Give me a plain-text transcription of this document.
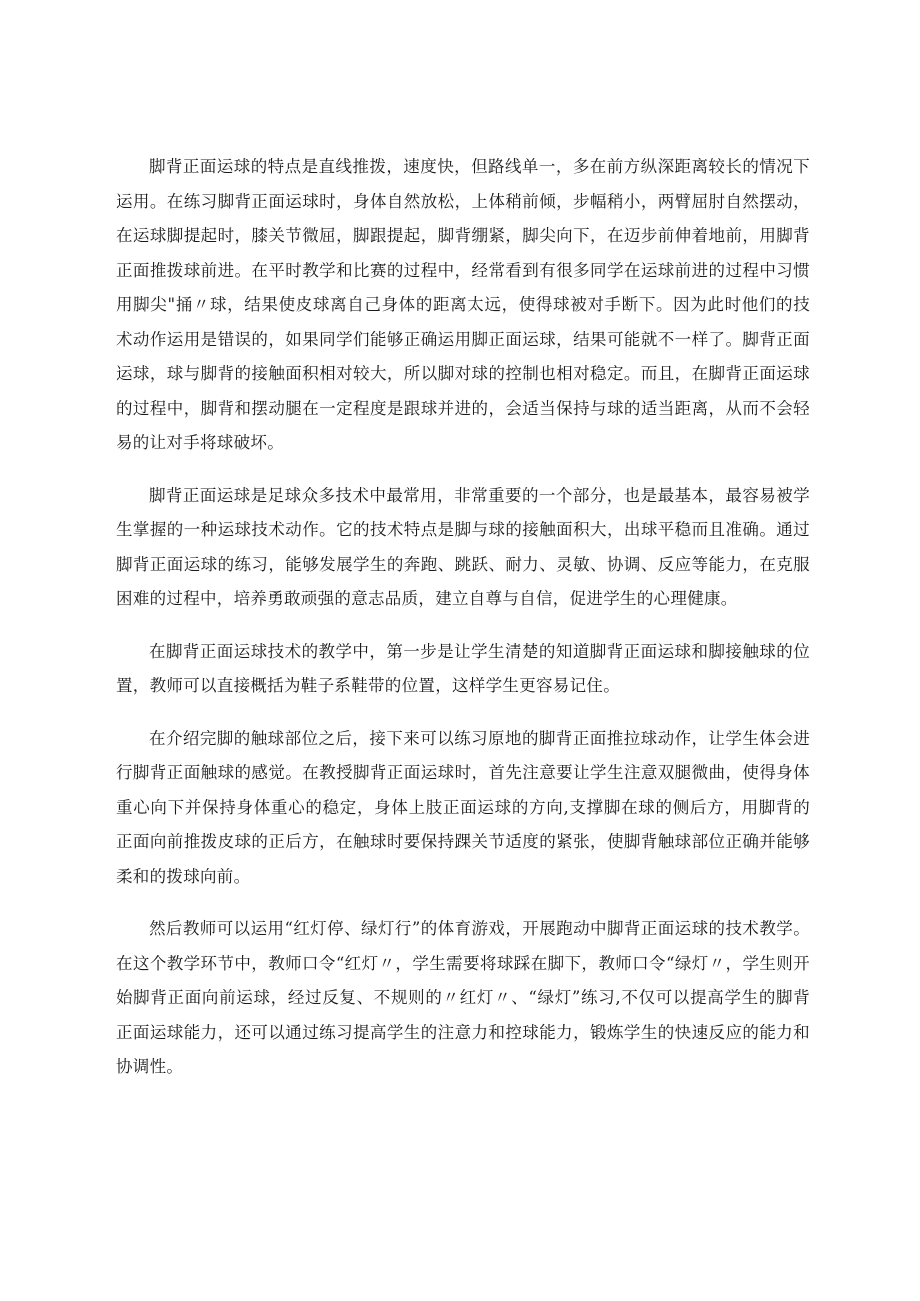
脚背正面运球的特点是直线推拨，速度快，但路线单一，多在前方纵深距离较长的情况下运用。在练习脚背正面运球时，身体自然放松，上体稍前倾，步幅稍小，两臂屈肘自然摆动，在运球脚提起时，膝关节微屈，脚跟提起，脚背绷紧，脚尖向下，在迈步前伸着地前，用脚背正面推拨球前进。在平时教学和比赛的过程中，经常看到有很多同学在运球前进的过程中习惯用脚尖"捅〃球，结果使皮球离自己身体的距离太远，使得球被对手断下。因为此时他们的技术动作运用是错误的，如果同学们能够正确运用脚正面运球，结果可能就不一样了。脚背正面运球，球与脚背的接触面积相对较大，所以脚对球的控制也相对稳定。而且，在脚背正面运球的过程中，脚背和摆动腿在一定程度是跟球并进的，会适当保持与球的适当距离，从而不会轻易的让对手将球破坏。

脚背正面运球是足球众多技术中最常用，非常重要的一个部分，也是最基本，最容易被学生掌握的一种运球技术动作。它的技术特点是脚与球的接触面积大，出球平稳而且准确。通过脚背正面运球的练习，能够发展学生的奔跑、跳跃、耐力、灵敏、协调、反应等能力，在克服困难的过程中，培养勇敢顽强的意志品质，建立自尊与自信，促进学生的心理健康。

在脚背正面运球技术的教学中，第一步是让学生清楚的知道脚背正面运球和脚接触球的位置，教师可以直接概括为鞋子系鞋带的位置，这样学生更容易记住。

在介绍完脚的触球部位之后，接下来可以练习原地的脚背正面推拉球动作，让学生体会进行脚背正面触球的感觉。在教授脚背正面运球时，首先注意要让学生注意双腿微曲，使得身体重心向下并保持身体重心的稳定，身体上肢正面运球的方向,支撑脚在球的侧后方，用脚背的正面向前推拨皮球的正后方，在触球时要保持踝关节适度的紧张，使脚背触球部位正确并能够柔和的拨球向前。

然后教师可以运用“红灯停、绿灯行”的体育游戏，开展跑动中脚背正面运球的技术教学。在这个教学环节中，教师口令“红灯〃，学生需要将球踩在脚下，教师口令“绿灯〃，学生则开始脚背正面向前运球，经过反复、不规则的〃红灯〃、“绿灯”练习,不仅可以提高学生的脚背正面运球能力，还可以通过练习提高学生的注意力和控球能力，锻炼学生的快速反应的能力和协调性。
